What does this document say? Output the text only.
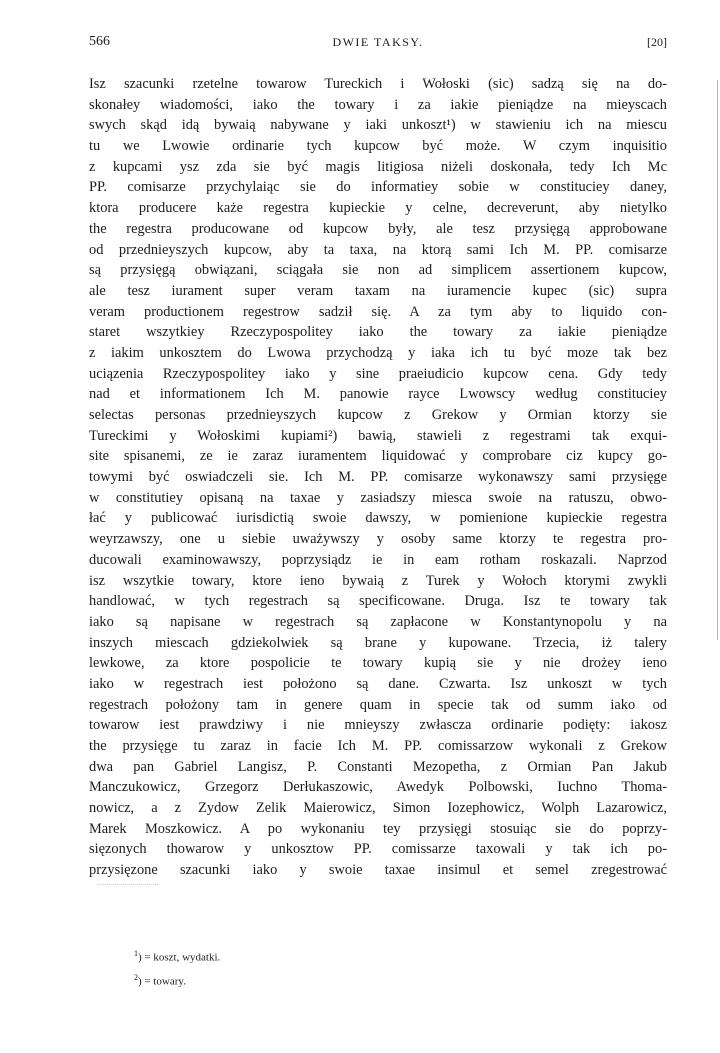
566	DWIE TAKSY.	[20]
Isz szacunki rzetelne towarow Tureckich i Wołoski (sic) sadzą się na do-
skonałey wiadomości, iako the towary i za iakie pieniądze na mieyscach
swych skąd idą bywaią nabywane y iaki unkoszt¹) w stawieniu ich na miescu
tu we Lwowie ordinarie tych kupcow być może. W czym inquisitio
z kupcami ysz zda sie być magis litigiosa niżeli doskonała, tedy Ich Mc
PP. comisarze przychylaiąc sie do informatiey sobie w constituciey daney,
ktora producere każe regestra kupieckie y celne, decreverunt, aby nietylko
the regestra producowane od kupcow były, ale tesz przysięgą approbowane
od przednieyszych kupcow, aby ta taxa, na ktorą sami Ich M. PP. comisarze
są przysięgą obwiązani, sciągała sie non ad simplicem assertionem kupcow,
ale tesz iurament super veram taxam na iuramencie kupec (sic) supra
veram productionem regestrow sadził się. A za tym aby to liquido con-
staret wszytkiey Rzeczypospolitey iako the towary za iakie pieniądze
z iakim unkosztem do Lwowa przychodzą y iaka ich tu być moze tak bez
uciązenia Rzeczypospolitey iako y sine praeiudicio kupcow cena. Gdy tedy
nad et informationem Ich M. panowie rayce Lwowscy według constituciey
selectas personas przednieyszych kupcow z Grekow y Ormian ktorzy sie
Tureckimi y Wołoskimi kupiami²) bawią, stawieli z regestrami tak exqui-
site spisanemi, ze ie zaraz iuramentem liquidować y comprobare ciz kupcy go-
towymi być oswiadczeli sie. Ich M. PP. comisarze wykonawszy sami przysięge
w constitutiey opisaną na taxae y zasiadszy miesca swoie na ratuszu, obwo-
łać y publicować iurisdictią swoie dawszy, w pomienione kupieckie regestra
weyrzawszy, one u siebie uważywszy y osoby same ktorzy te regestra pro-
ducowali examinowawszy, poprzysiądz ie in eam rotham roskazali. Naprzod
isz wszytkie towary, ktore ieno bywaią z Turek y Wołoch ktorymi zwykli
handlować, w tych regestrach są specificowane. Druga. Isz te towary tak
iako są napisane w regestrach są zapłacone w Konstantynopolu y na
inszych miescach gdziekolwiek są brane y kupowane. Trzecia, iż talery
lewkowe, za ktore pospolicie te towary kupią sie y nie drożey ieno
iako w regestrach iest położono są dane. Czwarta. Isz unkoszt w tych
regestrach położony tam in genere quam in specie tak od summ iako od
towarow iest prawdziwy i nie mnieyszy zwłascza ordinarie podięty: iakosz
the przysięge tu zaraz in facie Ich M. PP. comissarzow wykonali z Grekow
dwa pan Gabriel Langisz, P. Constanti Mezopetha, z Ormian Pan Jakub
Manczukowicz, Grzegorz Derłukaszowic, Awedyk Polbowski, Iuchno Thoma-
nowicz, a z Zydow Zelik Maierowicz, Simon Iozephowicz, Wolph Lazarowicz,
Marek Moszkowicz. A po wykonaniu tey przysięgi stosuiąc sie do poprzy-
sięzonych thowarow y unkosztow PP. comissarze taxowali y tak ich po-
przysięzone szacunki iako y swoie taxae insimul et semel zregestrować
$^1$) = koszt, wydatki.
$^2$) = towary.
